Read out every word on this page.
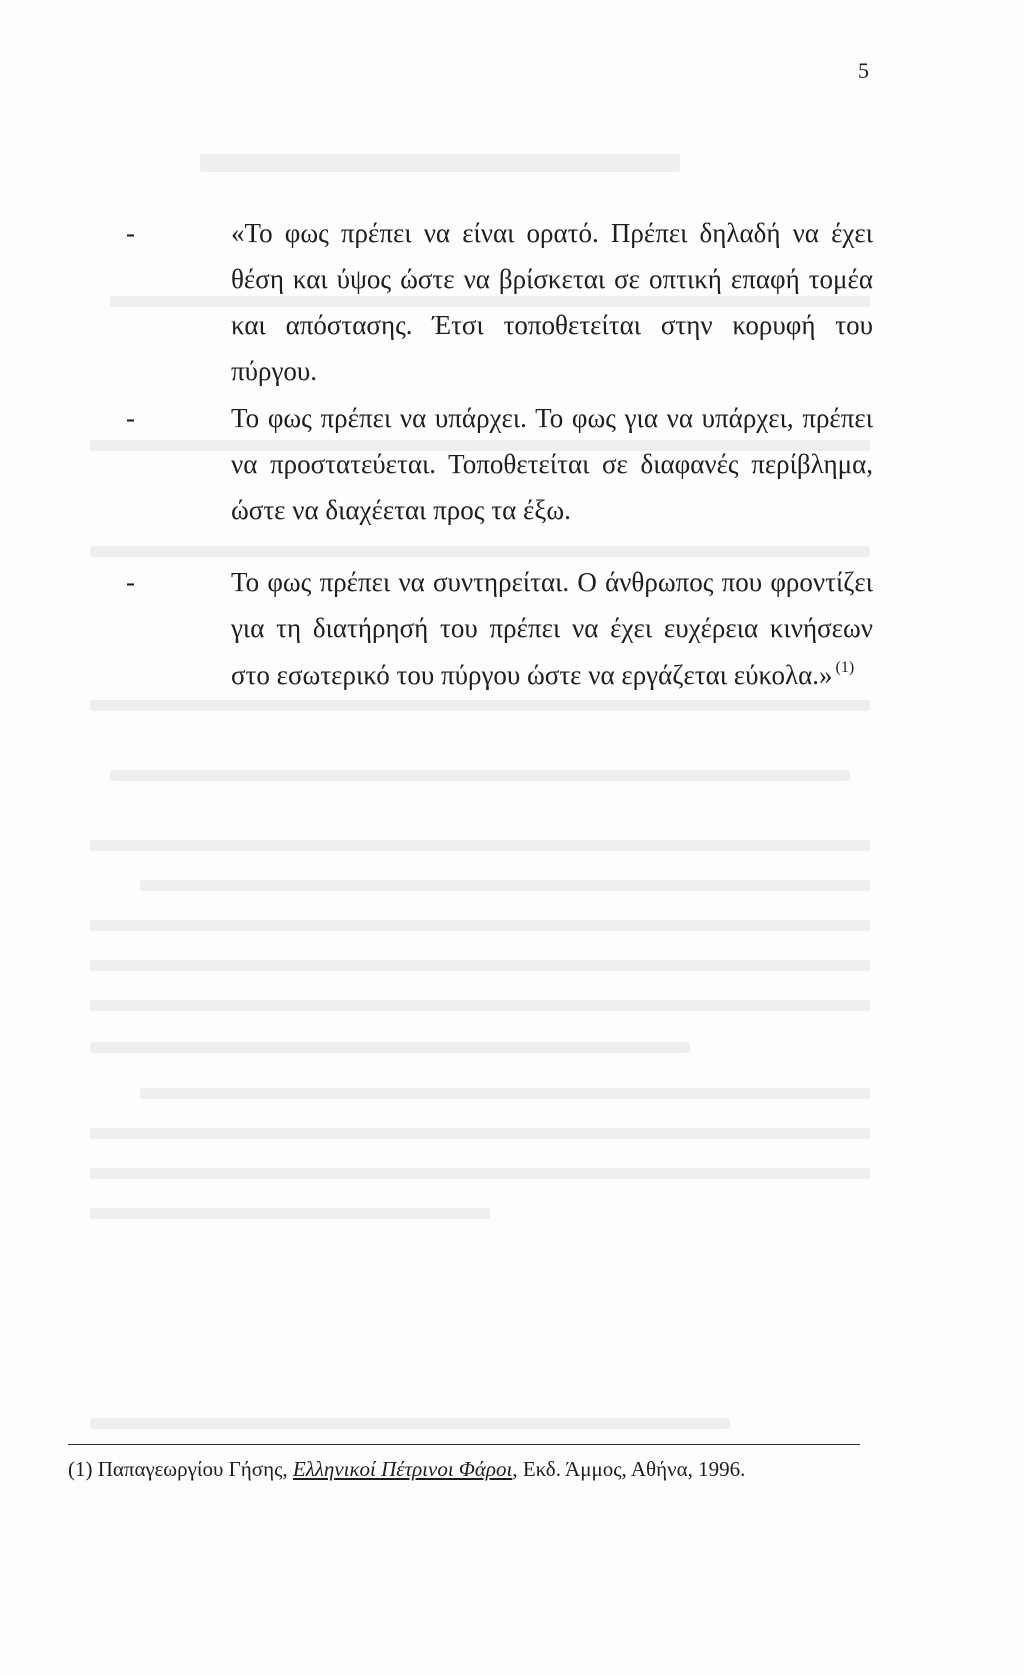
5
-	«Το φως πρέπει να είναι ορατό. Πρέπει δηλαδή να έχει
θέση και ύψος ώστε να βρίσκεται σε οπτική επαφή τομέα
και απόστασης. Έτσι τοποθετείται στην κορυφή του
πύργου.
-	Το φως πρέπει να υπάρχει. Το φως για να υπάρχει, πρέπει
να προστατεύεται. Τοποθετείται σε διαφανές περίβλημα,
ώστε να διαχέεται προς τα έξω.
-	Το φως πρέπει να συντηρείται. Ο άνθρωπος που φροντίζει
για τη διατήρησή του πρέπει να έχει ευχέρεια κινήσεων
στο εσωτερικό του πύργου ώστε να εργάζεται εύκολα.» $^{(1)}$
(1) Παπαγεωργίου Γήσης, Ελληνικοί Πέτρινοι Φάροι, Εκδ. Άμμος, Αθήνα, 1996.
